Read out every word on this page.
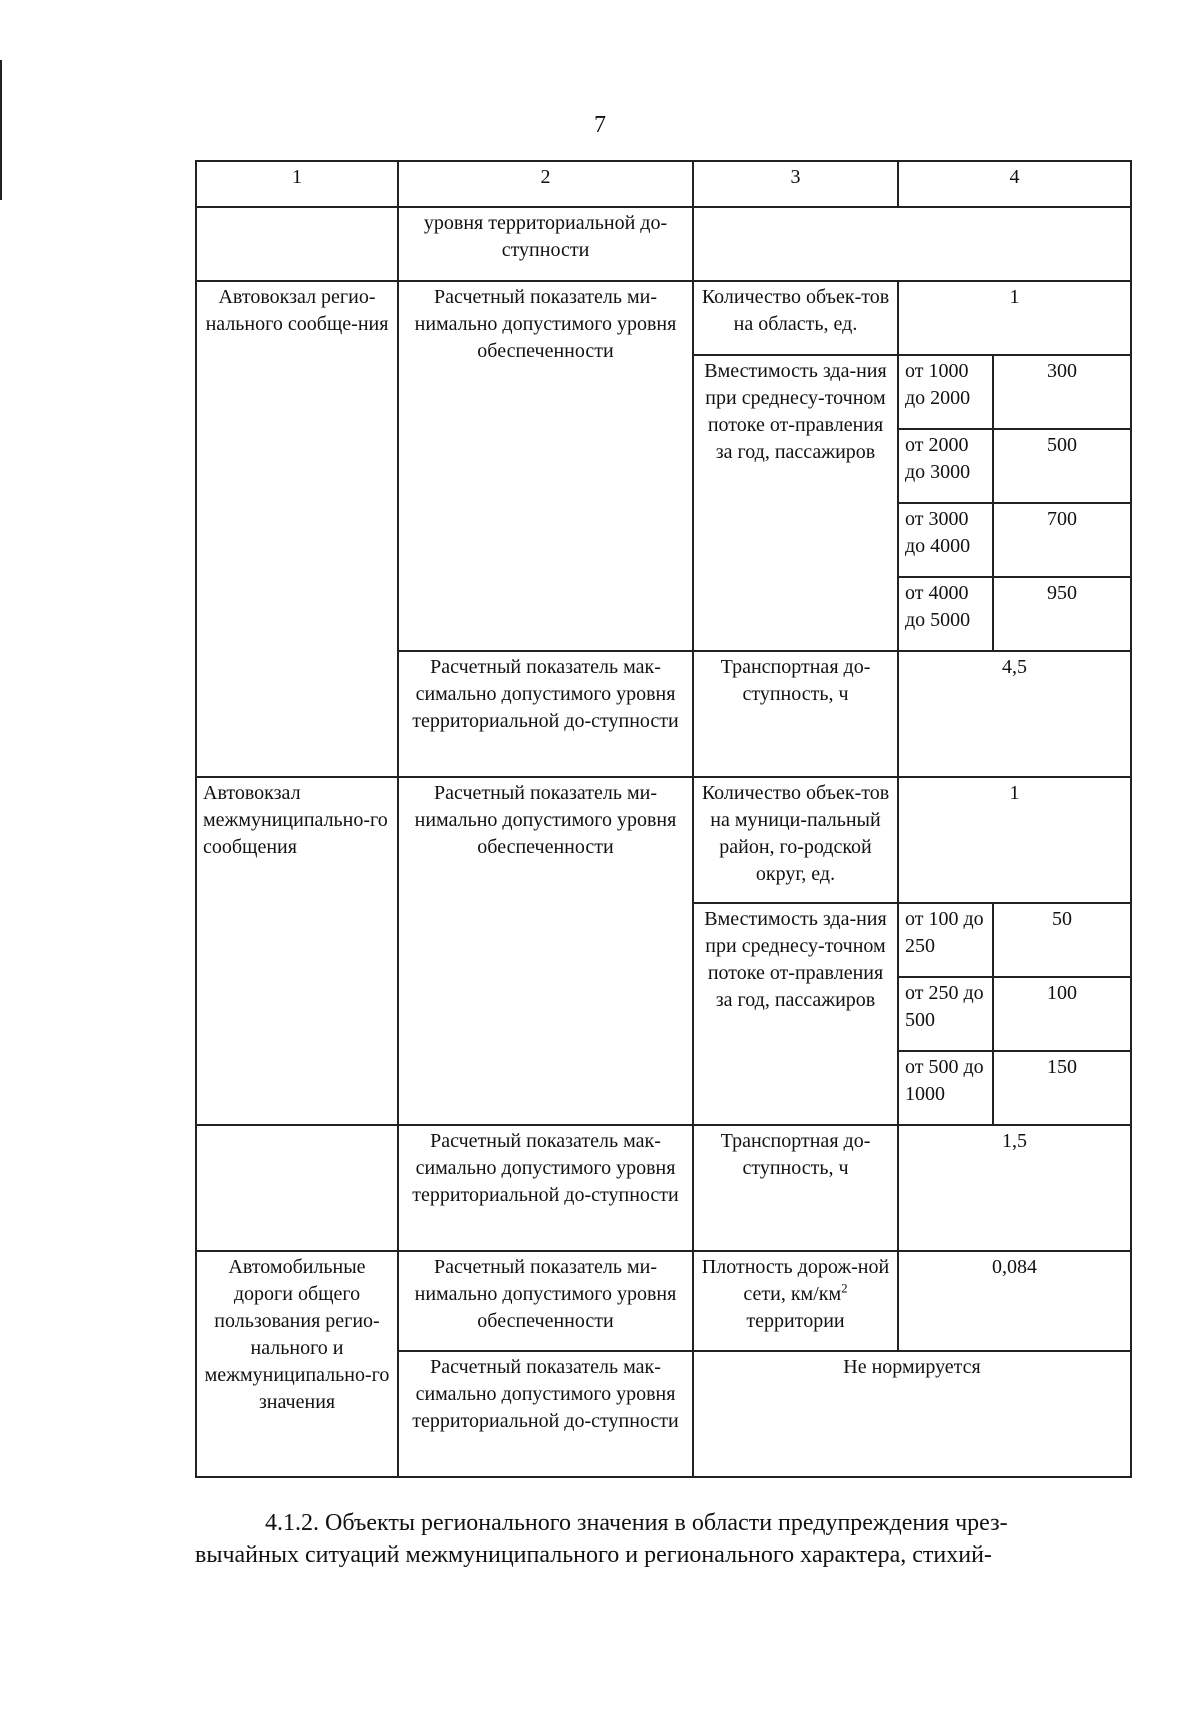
7
1	2	3	4	
	уровня территориальной до-ступности			
Автовокзал регио-нального сообще-ния	Расчетный показатель ми-нимально допустимого уровня обеспеченности	Количество объек-тов на область, ед.	1	
		Вместимость зда-ния при среднесу-точном потоке от-правления за год, пассажиров	от 1000 до 2000	300
			от 2000 до 3000	500
			от 3000 до 4000	700
			от 4000 до 5000	950
	Расчетный показатель мак-симально допустимого уровня территориальной до-ступности	Транспортная до-ступность, ч	4,5	
Автовокзал межмуниципально-го сообщения	Расчетный показатель ми-нимально допустимого уровня обеспеченности	Количество объек-тов на муници-пальный район, го-родской округ, ед.	1	
		Вместимость зда-ния при среднесу-точном потоке от-правления за год, пассажиров	от 100 до 250	50
			от 250 до 500	100
			от 500 до 1000	150
	Расчетный показатель мак-симально допустимого уровня территориальной до-ступности	Транспортная до-ступность, ч	1,5	
Автомобильные дороги общего пользования регио-нального и межмуниципально-го значения	Расчетный показатель ми-нимально допустимого уровня обеспеченности	Плотность дорож-ной сети, $км/км^2$ территории	0,084	
	Расчетный показатель мак-симально допустимого уровня территориальной до-ступности	Не нормируется		
4.1.2. Объекты регионального значения в области предупреждения чрез-
вычайных ситуаций межмуниципального и регионального характера, стихий-
